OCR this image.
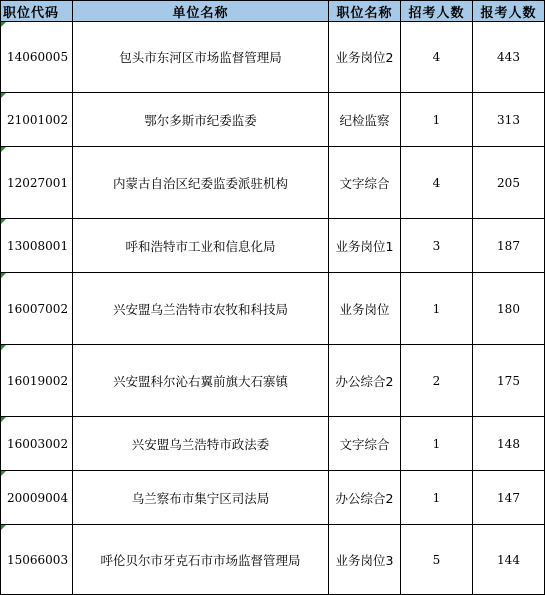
职位代码	单位名称	职位名称	招考人数	报考人数

14060005	包头市东河区市场监督管理局	业务岗位2	4	443

21001002	鄂尔多斯市纪委监委	纪检监察	1	313

12027001	内蒙古自治区纪委监委派驻机构	文字综合	4	205

13008001	呼和浩特市工业和信息化局	业务岗位1	3	187

16007002	兴安盟乌兰浩特市农牧和科技局	业务岗位	1	180

16019002	兴安盟科尔沁右翼前旗大石寨镇	办公综合2	2	175

16003002	兴安盟乌兰浩特市政法委	文字综合	1	148

20009004	乌兰察布市集宁区司法局	办公综合2	1	147

15066003	呼伦贝尔市牙克石市市场监督管理局	业务岗位3	5	144
